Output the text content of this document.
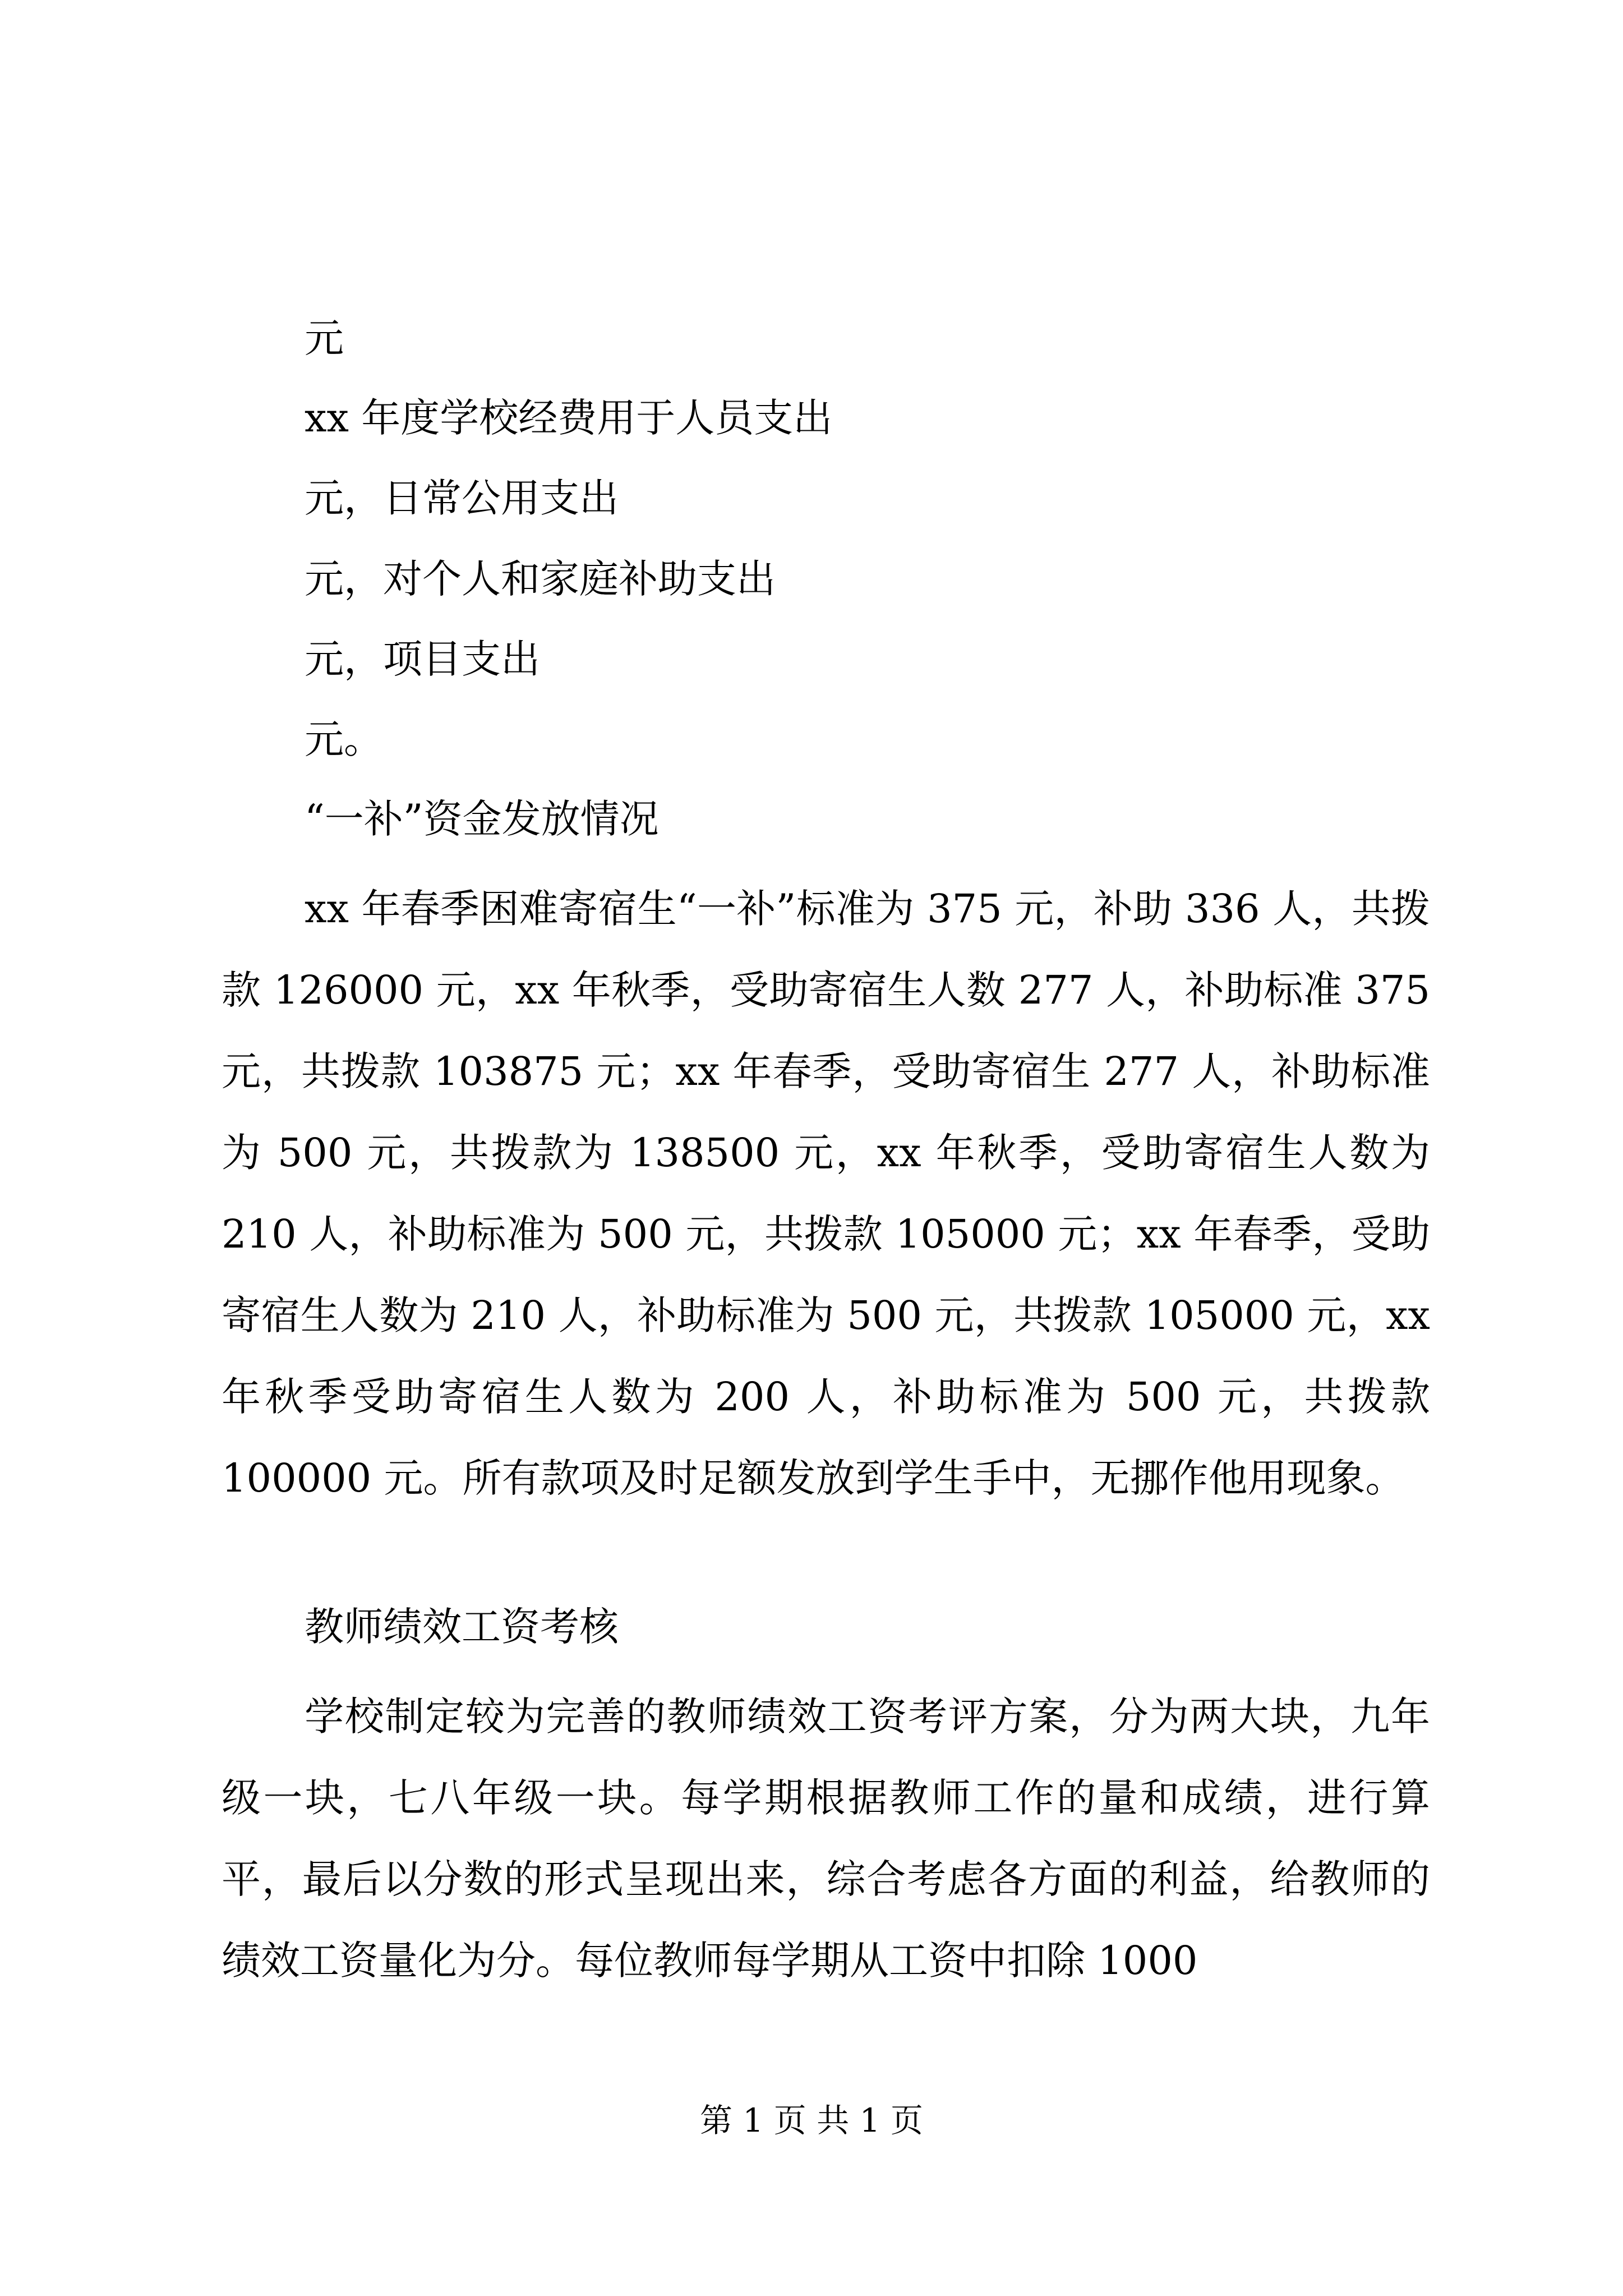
元

xx 年度学校经费用于人员支出

元，日常公用支出

元，对个人和家庭补助支出

元，项目支出

元。

“一补”资金发放情况

xx 年春季困难寄宿生“一补”标准为 375 元，补助 336 人，共拨款 126000 元，xx 年秋季，受助寄宿生人数 277 人，补助标准 375 元，共拨款 103875 元；xx 年春季，受助寄宿生 277 人，补助标准为 500 元，共拨款为 138500 元，xx 年秋季，受助寄宿生人数为 210 人，补助标准为 500 元，共拨款 105000 元；xx 年春季，受助寄宿生人数为 210 人，补助标准为 500 元，共拨款 105000 元，xx 年秋季受助寄宿生人数为 200 人，补助标准为 500 元，共拨款 100000 元。所有款项及时足额发放到学生手中，无挪作他用现象。

教师绩效工资考核

学校制定较为完善的教师绩效工资考评方案，分为两大块，九年级一块，七八年级一块。每学期根据教师工作的量和成绩，进行算平，最后以分数的形式呈现出来，综合考虑各方面的利益，给教师的绩效工资量化为分。每位教师每学期从工资中扣除 1000

第 1 页 共 1 页
